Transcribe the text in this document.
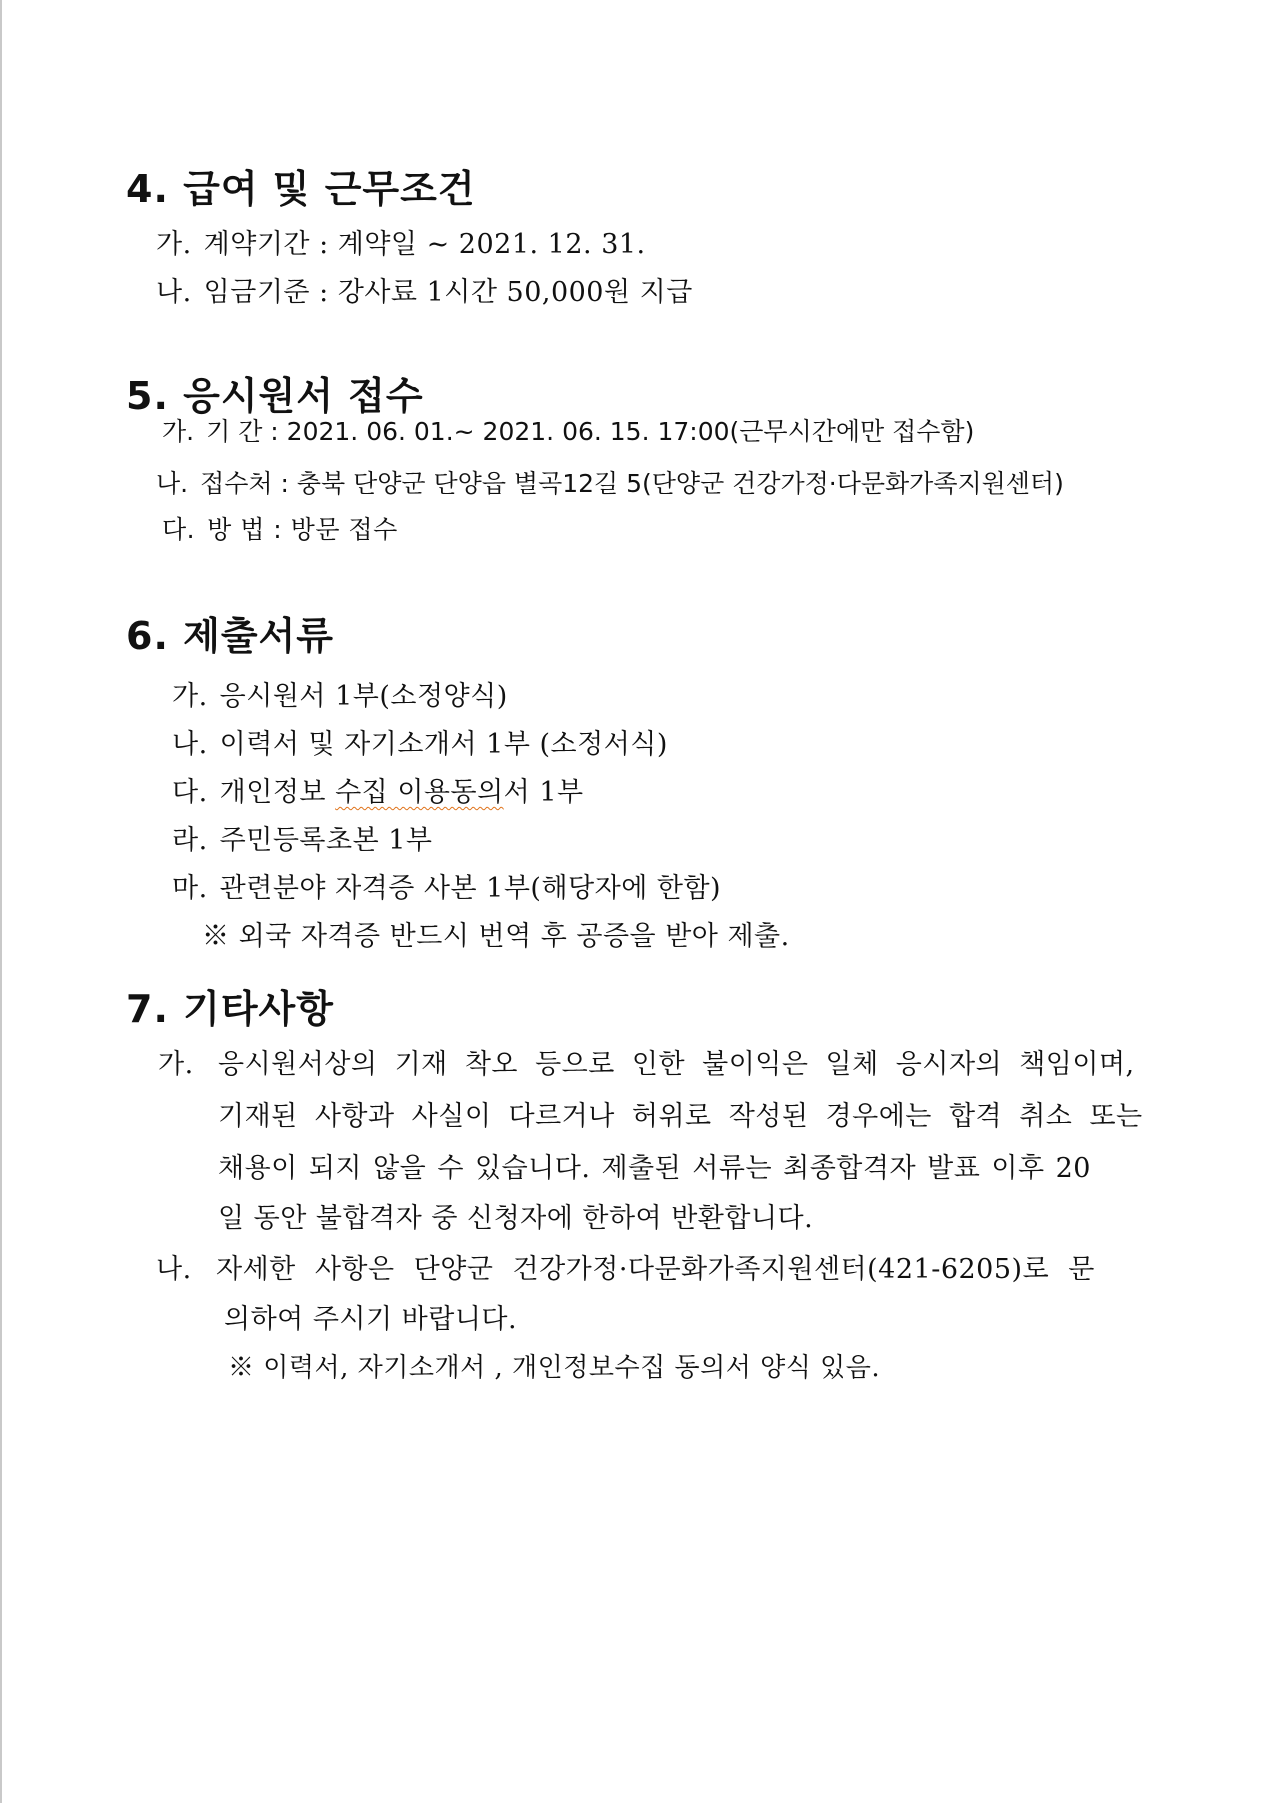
4. 급여 및 근무조건
가. 계약기간 : 계약일 ~ 2021. 12. 31.
나. 임금기준 : 강사료 1시간 50,000원 지급
5. 응시원서 접수
가. 기 간 : 2021. 06. 01.~ 2021. 06. 15. 17:00(근무시간에만 접수함)
나. 접수처 : 충북 단양군 단양읍 별곡12길 5(단양군 건강가정·다문화가족지원센터)
다. 방 법 : 방문 접수
6. 제출서류
가. 응시원서 1부(소정양식)
나. 이력서 및 자기소개서 1부 (소정서식)
다. 개인정보 수집 이용동의서 1부
라. 주민등록초본 1부
마. 관련분야 자격증 사본 1부(해당자에 한함)
※ 외국 자격증 반드시 번역 후 공증을 받아 제출.
7. 기타사항
가. 응시원서상의 기재 착오 등으로 인한 불이익은 일체 응시자의 책임이며,
기재된 사항과 사실이 다르거나 허위로 작성된 경우에는 합격 취소 또는
채용이 되지 않을 수 있습니다. 제출된 서류는 최종합격자 발표 이후 20
일 동안 불합격자 중 신청자에 한하여 반환합니다.
나. 자세한 사항은 단양군 건강가정·다문화가족지원센터(421-6205)로 문
의하여 주시기 바랍니다.
※ 이력서, 자기소개서 , 개인정보수집 동의서 양식 있음.
